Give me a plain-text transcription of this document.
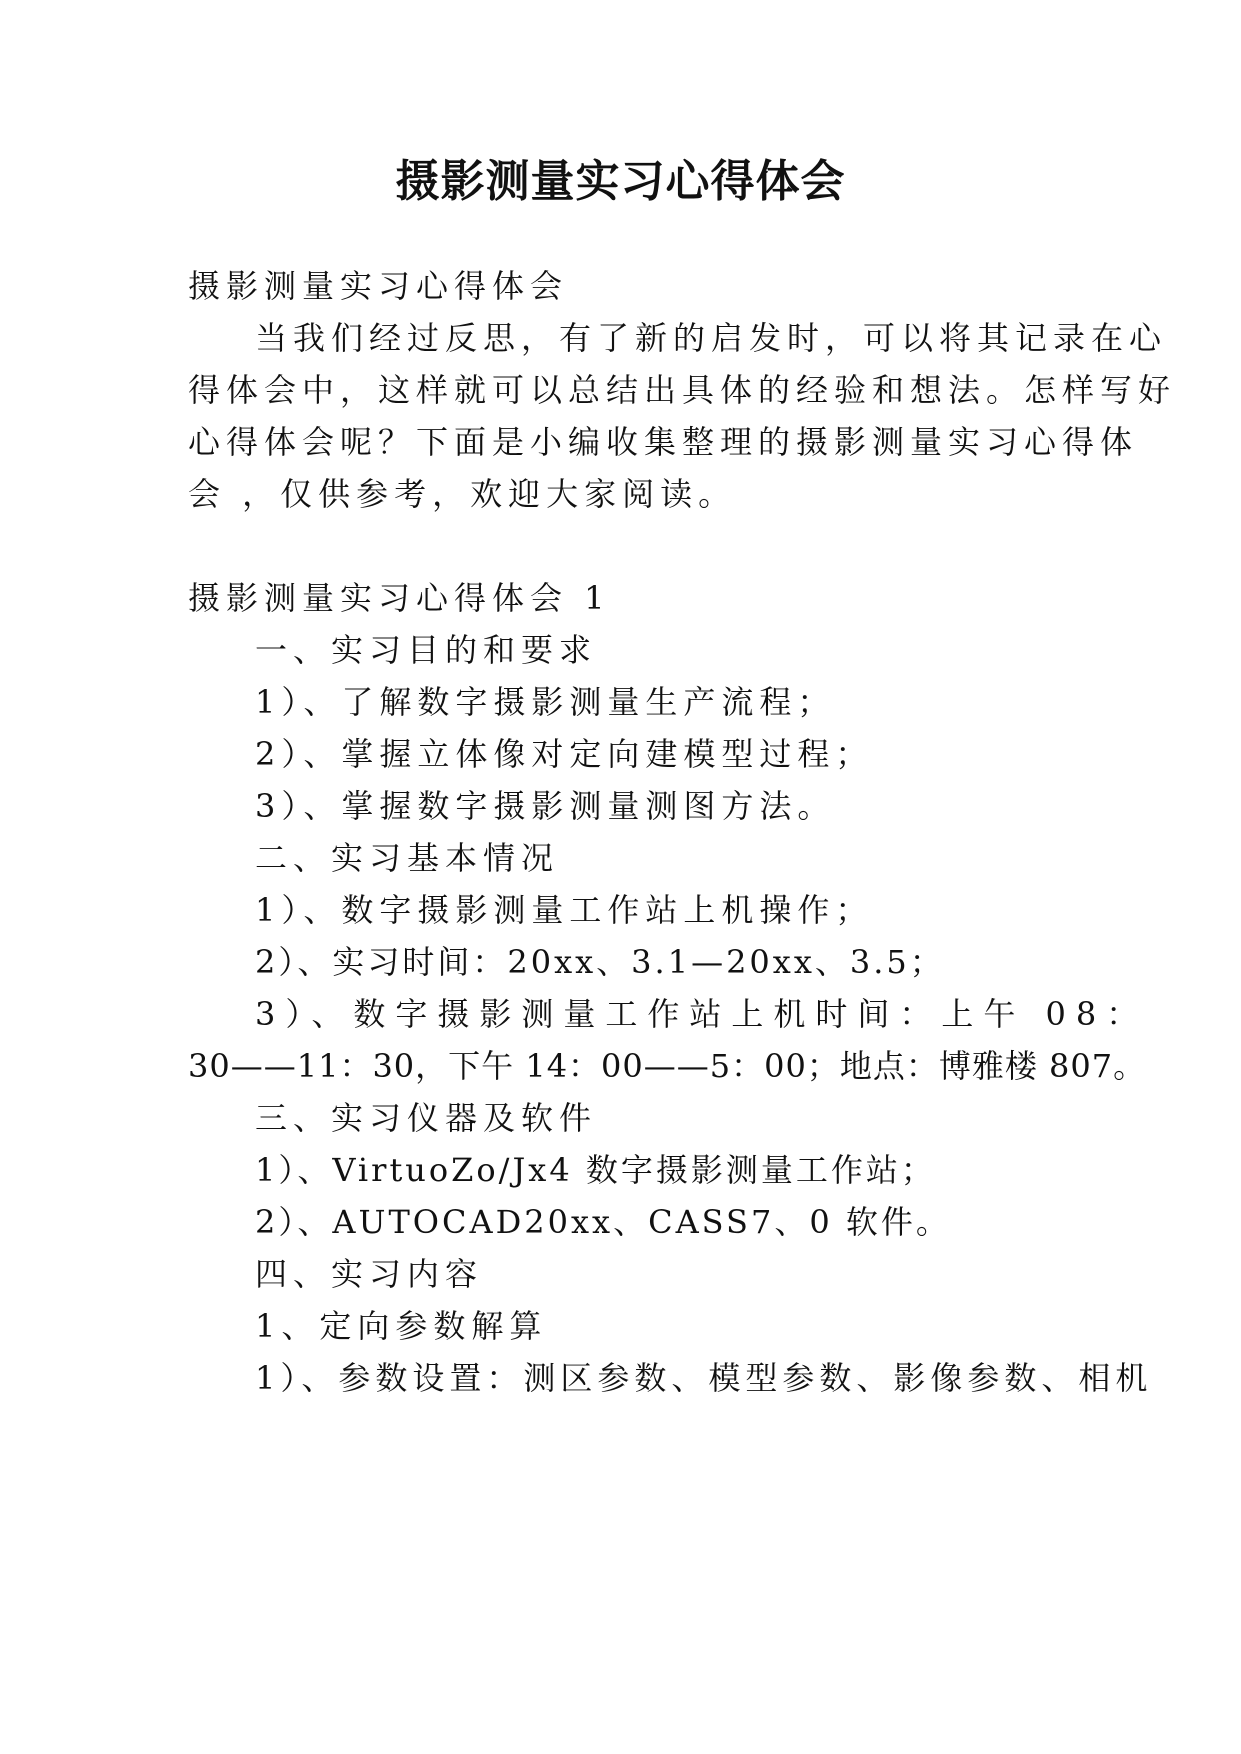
摄影测量实习心得体会
摄影测量实习心得体会
当我们经过反思，有了新的启发时，可以将其记录在心
得体会中，这样就可以总结出具体的经验和想法。怎样写好
心得体会呢？下面是小编收集整理的摄影测量实习心得体
会 ，仅供参考，欢迎大家阅读。
摄影测量实习心得体会 1
一、实习目的和要求
1）、了解数字摄影测量生产流程；
2）、掌握立体像对定向建模型过程；
3）、掌握数字摄影测量测图方法。
二、实习基本情况
1）、数字摄影测量工作站上机操作；
2）、实习时间：20xx、3.1—20xx、3.5；
3）、数字摄影测量工作站上机时间：上午 08：
30——11：30，下午 14：00——5：00；地点：博雅楼 807。
三、实习仪器及软件
1）、VirtuoZo/Jx4 数字摄影测量工作站；
2）、AUTOCAD20xx、CASS7、0 软件。
四、实习内容
1、定向参数解算
1）、参数设置：测区参数、模型参数、影像参数、相机
